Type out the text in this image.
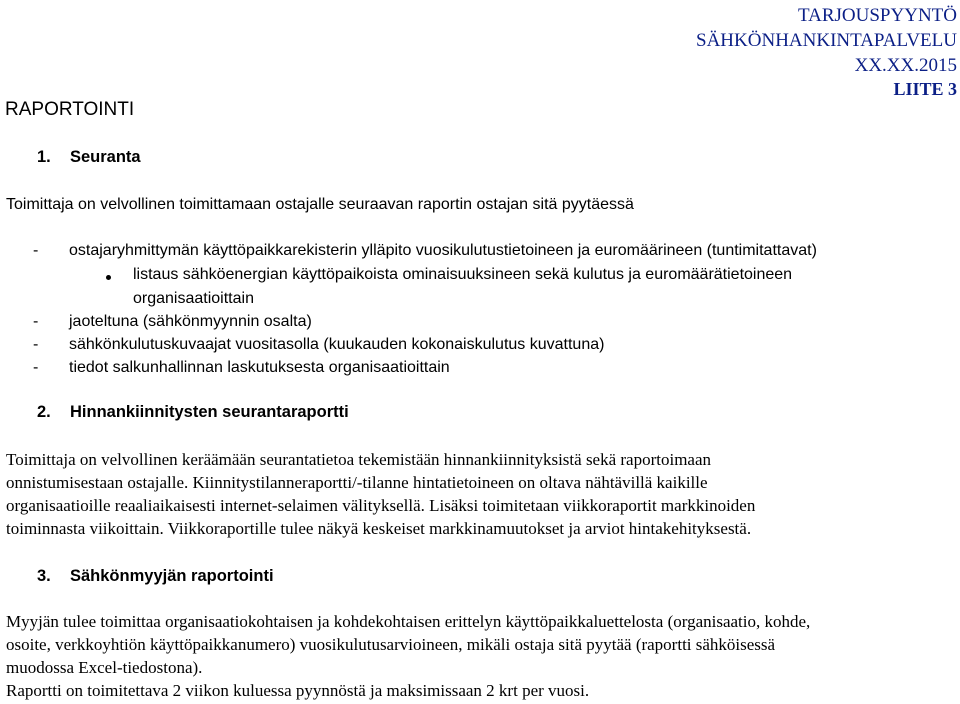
TARJOUSPYYNTÖ
SÄHKÖNHANKINTAPALVELU
XX.XX.2015
LIITE 3
RAPORTOINTI
1. Seuranta
Toimittaja on velvollinen toimittamaan ostajalle seuraavan raportin ostajan sitä pyytäessä
- ostajaryhmittymän käyttöpaikkarekisterin ylläpito vuosikulutustietoineen ja euromäärineen (tuntimitattavat)
listaus sähköenergian käyttöpaikoista ominaisuuksineen sekä kulutus ja euromäärätietoineen
organisaatioittain
- jaoteltuna (sähkönmyynnin osalta)
- sähkönkulutuskuvaajat vuositasolla (kuukauden kokonaiskulutus kuvattuna)
- tiedot salkunhallinnan laskutuksesta organisaatioittain
2. Hinnankiinnitysten seurantaraportti
Toimittaja on velvollinen keräämään seurantatietoa tekemistään hinnankiinnityksistä sekä raportoimaan
onnistumisestaan ostajalle. Kiinnitystilanneraportti/-tilanne hintatietoineen on oltava nähtävillä kaikille
organisaatioille reaaliaikaisesti internet-selaimen välityksellä. Lisäksi toimitetaan viikkoraportit markkinoiden
toiminnasta viikoittain. Viikkoraportille tulee näkyä keskeiset markkinamuutokset ja arviot hintakehityksestä.
3. Sähkönmyyjän raportointi
Myyjän tulee toimittaa organisaatiokohtaisen ja kohdekohtaisen erittelyn käyttöpaikkaluettelosta (organisaatio, kohde,
osoite, verkkoyhtiön käyttöpaikkanumero) vuosikulutusarvioineen, mikäli ostaja sitä pyytää (raportti sähköisessä
muodossa Excel-tiedostona).
Raportti on toimitettava 2 viikon kuluessa pyynnöstä ja maksimissaan 2 krt per vuosi.
